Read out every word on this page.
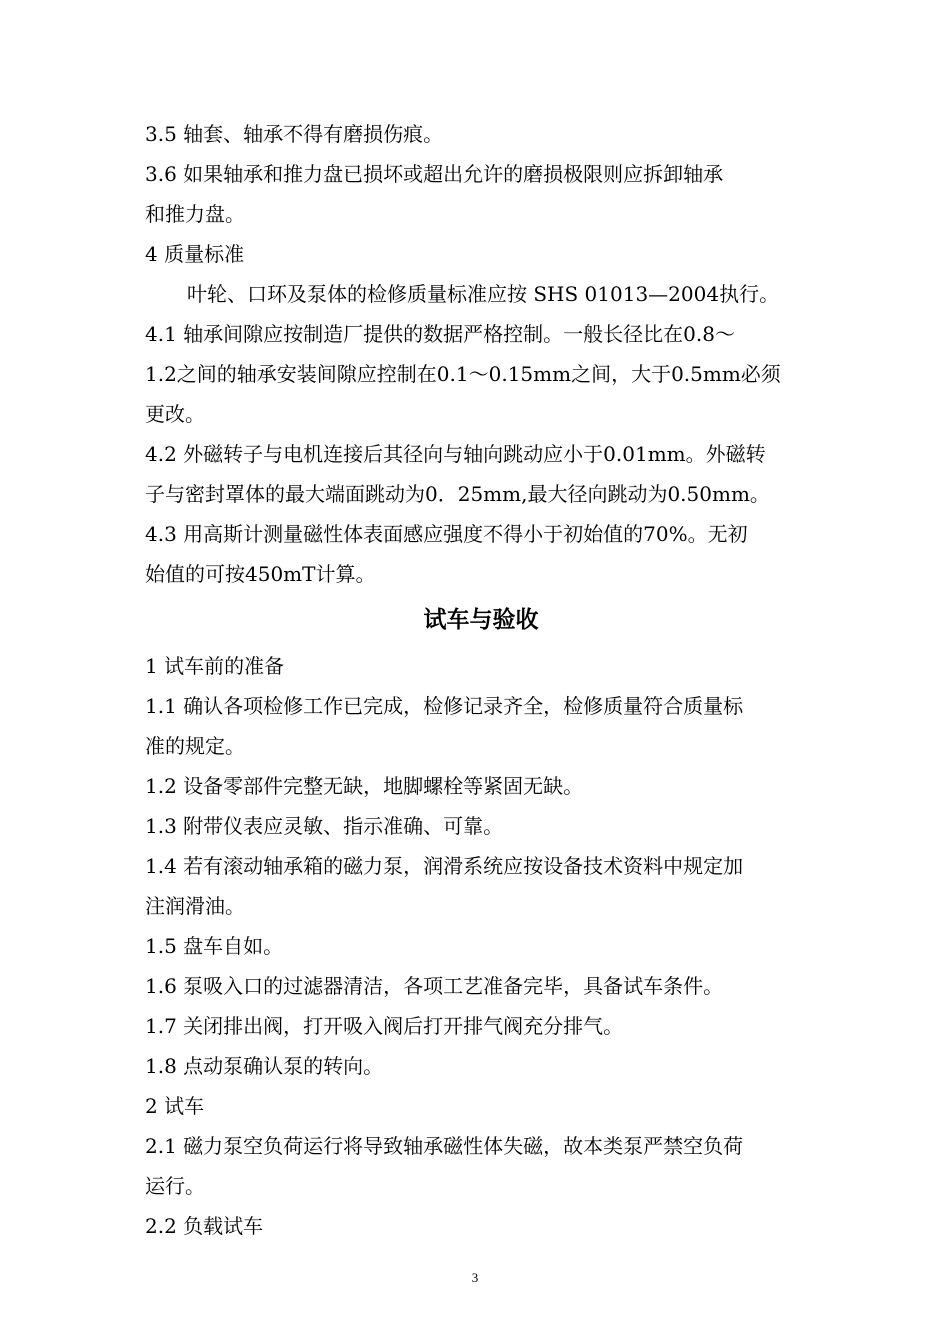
3.5 轴套、轴承不得有磨损伤痕。

3.6 如果轴承和推力盘已损坏或超出允许的磨损极限则应拆卸轴承

和推力盘。

4 质量标准

叶轮、口环及泵体的检修质量标准应按 SHS 01013—2004执行。

4.1 轴承间隙应按制造厂提供的数据严格控制。一般长径比在0.8～

1.2之间的轴承安装间隙应控制在0.1～0.15mm之间，大于0.5mm必须

更改。

4.2 外磁转子与电机连接后其径向与轴向跳动应小于0.01mm。外磁转

子与密封罩体的最大端面跳动为0．25mm,最大径向跳动为0.50mm。

4.3 用高斯计测量磁性体表面感应强度不得小于初始值的70%。无初

始值的可按450mT计算。

试车与验收

1 试车前的准备

1.1 确认各项检修工作已完成，检修记录齐全，检修质量符合质量标

准的规定。

1.2 设备零部件完整无缺，地脚螺栓等紧固无缺。

1.3 附带仪表应灵敏、指示准确、可靠。

1.4 若有滚动轴承箱的磁力泵，润滑系统应按设备技术资料中规定加

注润滑油。

1.5 盘车自如。

1.6 泵吸入口的过滤器清洁，各项工艺准备完毕，具备试车条件。

1.7 关闭排出阀，打开吸入阀后打开排气阀充分排气。

1.8 点动泵确认泵的转向。

2 试车

2.1 磁力泵空负荷运行将导致轴承磁性体失磁，故本类泵严禁空负荷

运行。

2.2 负载试车

3
